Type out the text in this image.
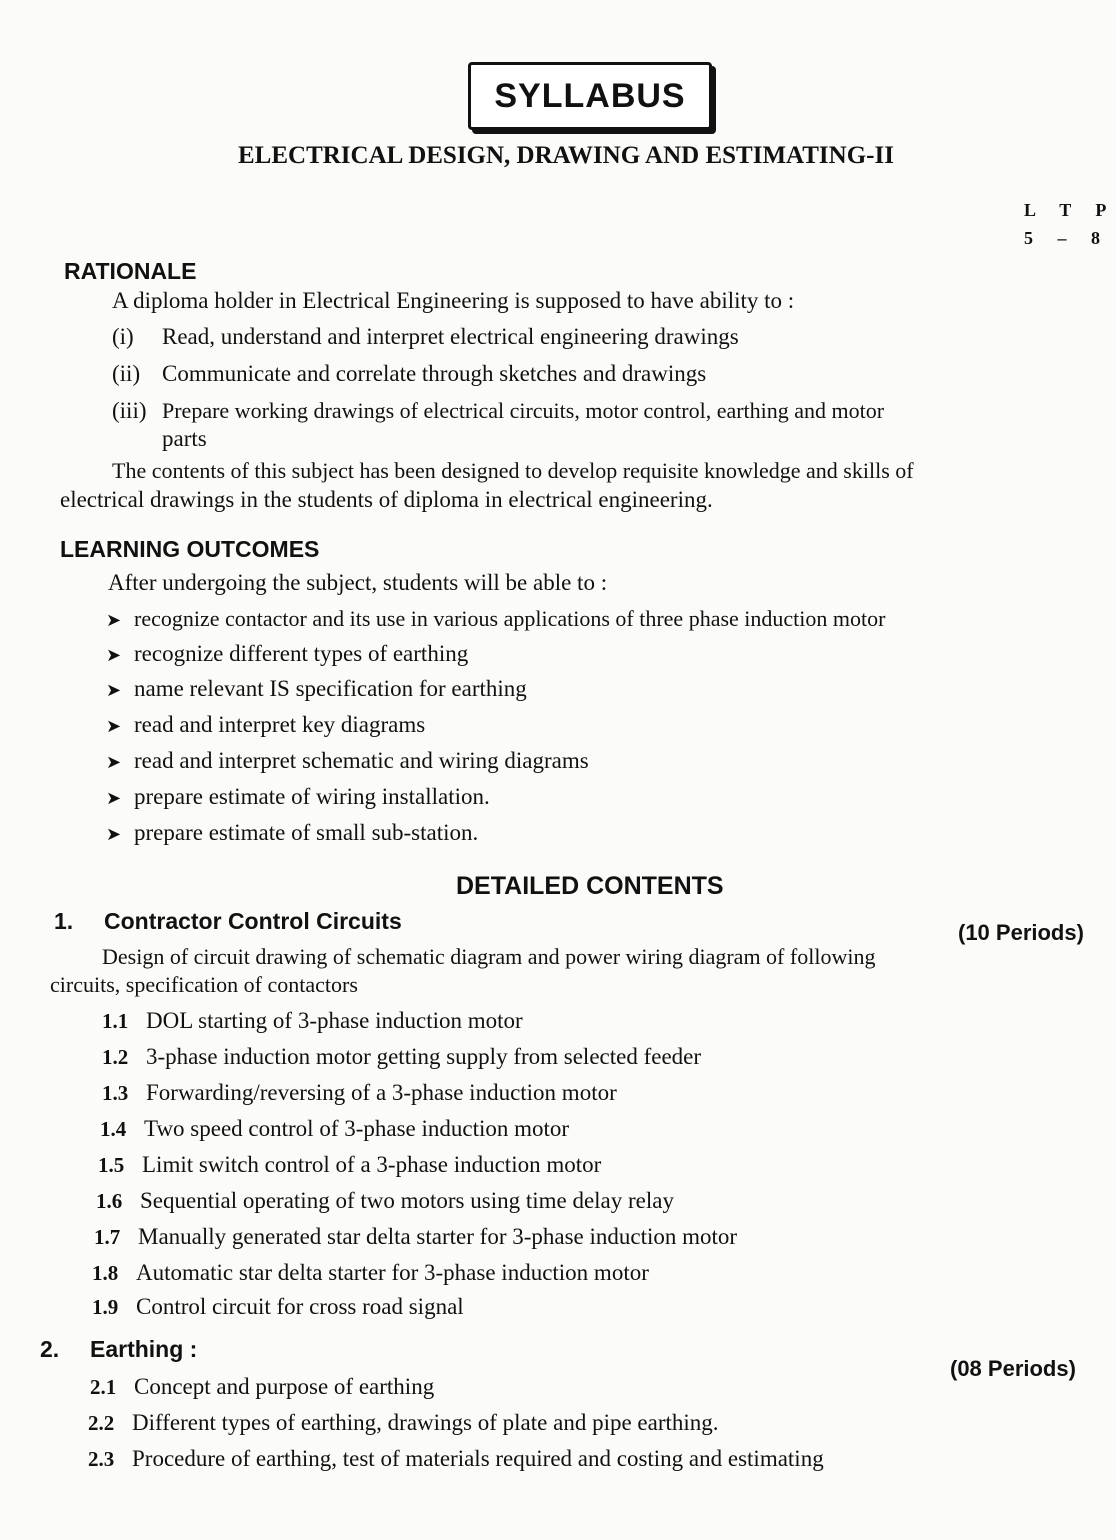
SYLLABUS
ELECTRICAL DESIGN, DRAWING AND ESTIMATING-II
L T P
5 – 8
RATIONALE
A diploma holder in Electrical Engineering is supposed to have ability to :
(i) Read, understand and interpret electrical engineering drawings
(ii) Communicate and correlate through sketches and drawings
(iii) Prepare working drawings of electrical circuits, motor control, earthing and motor
parts
The contents of this subject has been designed to develop requisite knowledge and skills of
electrical drawings in the students of diploma in electrical engineering.
LEARNING OUTCOMES
After undergoing the subject, students will be able to :
➤ recognize contactor and its use in various applications of three phase induction motor
➤ recognize different types of earthing
➤ name relevant IS specification for earthing
➤ read and interpret key diagrams
➤ read and interpret schematic and wiring diagrams
➤ prepare estimate of wiring installation.
➤ prepare estimate of small sub-station.
DETAILED CONTENTS
1. Contractor Control Circuits	(10 Periods)
Design of circuit drawing of schematic diagram and power wiring diagram of following
circuits, specification of contactors
1.1 DOL starting of 3-phase induction motor
1.2 3-phase induction motor getting supply from selected feeder
1.3 Forwarding/reversing of a 3-phase induction motor
1.4 Two speed control of 3-phase induction motor
1.5 Limit switch control of a 3-phase induction motor
1.6 Sequential operating of two motors using time delay relay
1.7 Manually generated star delta starter for 3-phase induction motor
1.8 Automatic star delta starter for 3-phase induction motor
1.9 Control circuit for cross road signal
2. Earthing :
(08 Periods)
2.1 Concept and purpose of earthing
2.2 Different types of earthing, drawings of plate and pipe earthing.
2.3 Procedure of earthing, test of materials required and costing and estimating
